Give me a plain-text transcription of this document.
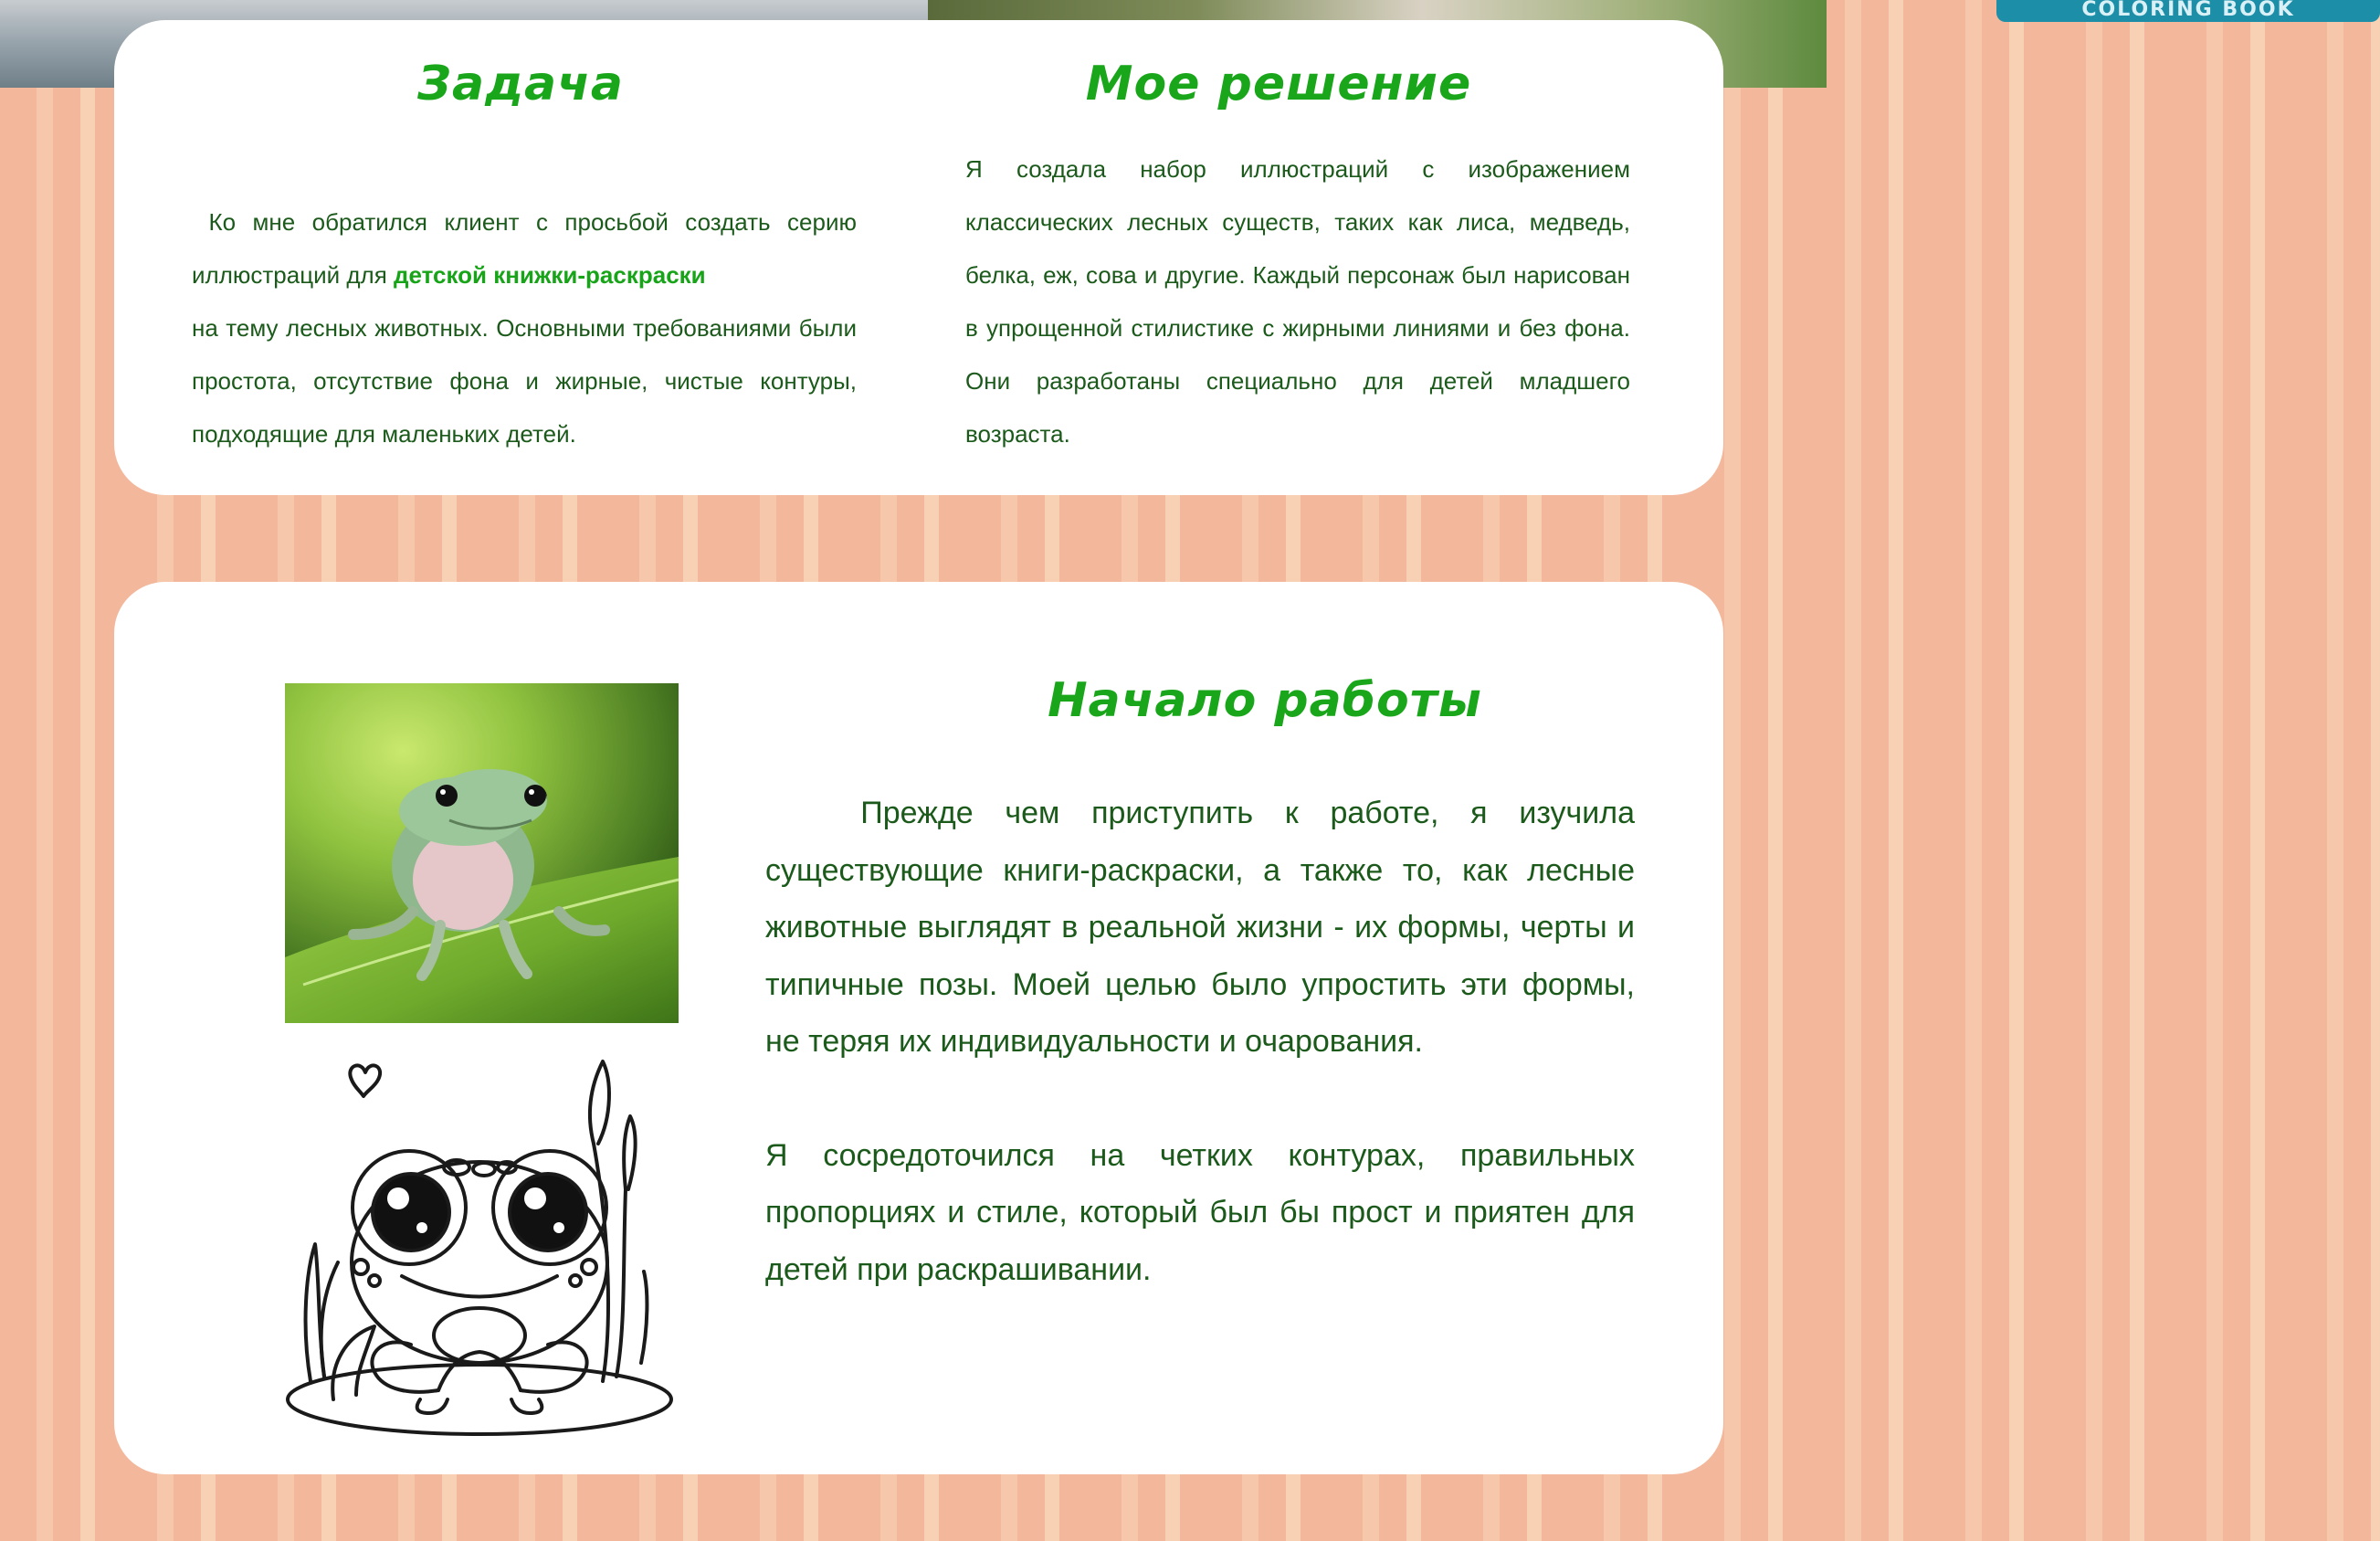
COLORING BOOK
Задача	Мое решение
Ко мне обратился клиент с просьбой создать серию иллюстраций для детской книжки-раскраски
на тему лесных животных. Основными требованиями были простота, отсутствие фона и жирные, чистые контуры, подходящие для маленьких детей.
Я создала набор иллюстраций с изображением классических лесных существ, таких как лиса, медведь, белка, еж, сова и другие. Каждый персонаж был нарисован в упрощенной стилистике с жирными линиями и без фона. Они разработаны специально для детей младшего возраста.
Начало работы

Прежде чем приступить к работе, я изучила существующие книги-раскраски, а также то, как лесные животные выглядят в реальной жизни - их формы, черты и типичные позы. Моей целью было упростить эти формы, не теряя их индивидуальности и очарования.

Я сосредоточился на четких контурах, правильных пропорциях и стиле, который был бы прост и приятен для детей при раскрашивании.
